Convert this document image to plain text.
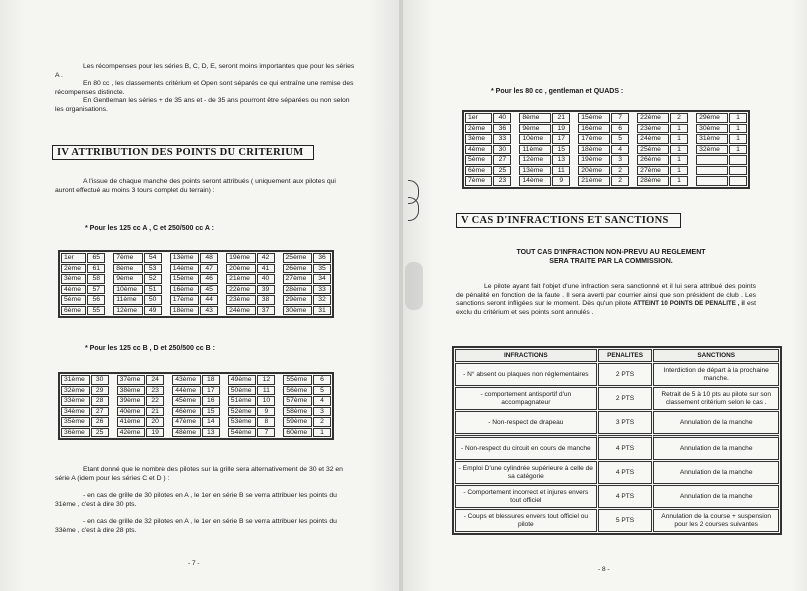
Les récompenses pour les séries B, C, D, E, seront moins importantes que pour les séries A .

En 80 cc , les classements critérium et Open sont séparés ce qui entraîne une remise des récompenses distincte.

En Gentleman les séries + de 35 ans et - de 35 ans pourront être séparées ou non selon les organisations.

IV ATTRIBUTION DES POINTS DU CRITERIUM

A l'issue de chaque manche des points seront attribués ( uniquement aux pilotes qui auront effectué au moins 3 tours complet du terrain) :

* Pour les 125 cc A , C et 250/500 cc A :
1er	65		7ème	54		13ème	48		19ème	42		25ème	36
2ème	61		8ème	53		14ème	47		20ème	41		26ème	35
3ème	58		9ème	52		15ème	46		21ème	40		27ème	34
4ème	57		10ème	51		16ème	45		22ème	39		28ème	33
5ème	56		11ème	50		17ème	44		23ème	38		29ème	32
6ème	55		12ème	49		18ème	43		24ème	37		30ème	31
* Pour les 125 cc B , D et 250/500 cc B :
31ème	30		37ème	24		43ème	18		49ème	12		55ème	6
32ème	29		38ème	23		44ème	17		50ème	11		56ème	5
33ème	28		39ème	22		45ème	16		51ème	10		57ème	4
34ème	27		40ème	21		46ème	15		52ème	9		58ème	3
35ème	26		41ème	20		47ème	14		53ème	8		59ème	2
36ème	25		42ème	19		48ème	13		54ème	7		60ème	1

Etant donné que le nombre des pilotes sur la grille sera alternativement de 30 et 32 en série A (idem pour les séries C et D ) :

- en cas de grille de 30 pilotes en A , le 1er en série B se verra attribuer les points du 31ème , c'est à dire 30 pts.

- en cas de grille de 32 pilotes en A , le 1er en série B se verra attribuer les points du 33ème , c'est à dire 28 pts.

- 7 -
* Pour les 80 cc , gentleman et QUADS :
1er	40		8ème	21		15ème	7		22ème	2		29ème	1
2ème	36		9ème	19		16ème	6		23ème	1		30ème	1
3ème	33		10ème	17		17ème	5		24ème	1		31ème	1
4ème	30		11ème	15		18ème	4		25ème	1		32ème	1
5ème	27		12ème	13		19ème	3		26ème	1			
6ème	25		13ème	11		20ème	2		27ème	1			
7ème	23		14ème	9		21ème	2		28ème	1			
V CAS D'INFRACTIONS ET SANCTIONS
TOUT CAS D'INFRACTION NON-PREVU AU REGLEMENT
SERA TRAITE PAR LA COMMISSION.

Le pilote ayant fait l'objet d'une infraction sera sanctionné et il lui sera attribué des points de pénalité en fonction de la faute . Il sera averti par courrier ainsi que son président de club . Les sanctions seront infligées sur le moment. Dès qu'un pilote ATTEINT 10 POINTS DE PENALITE , il est exclu du critérium et ses points sont annulés .

- 8 -
INFRACTIONS	PENALITES	SANCTIONS
- N° absent ou plaques non réglementaires	2 PTS	Interdiction de départ à la prochaine manche.
- comportement antisportif d'un accompagnateur	2 PTS	Retrait de 5 à 10 pts au pilote sur son classement critérium selon le cas .
- Non-respect de drapeau	3 PTS	Annulation de la manche
- Non-respect du circuit en cours de manche	4 PTS	Annulation de la manche
- Emploi D'une cylindrée supérieure à celle de sa catégorie	4 PTS	Annulation de la manche
- Comportement incorrect et injures envers tout officiel	4 PTS	Annulation de la manche
- Coups et blessures envers tout officiel ou pilote	5 PTS	Annulation de la course + suspension pour les 2 courses suivantes
